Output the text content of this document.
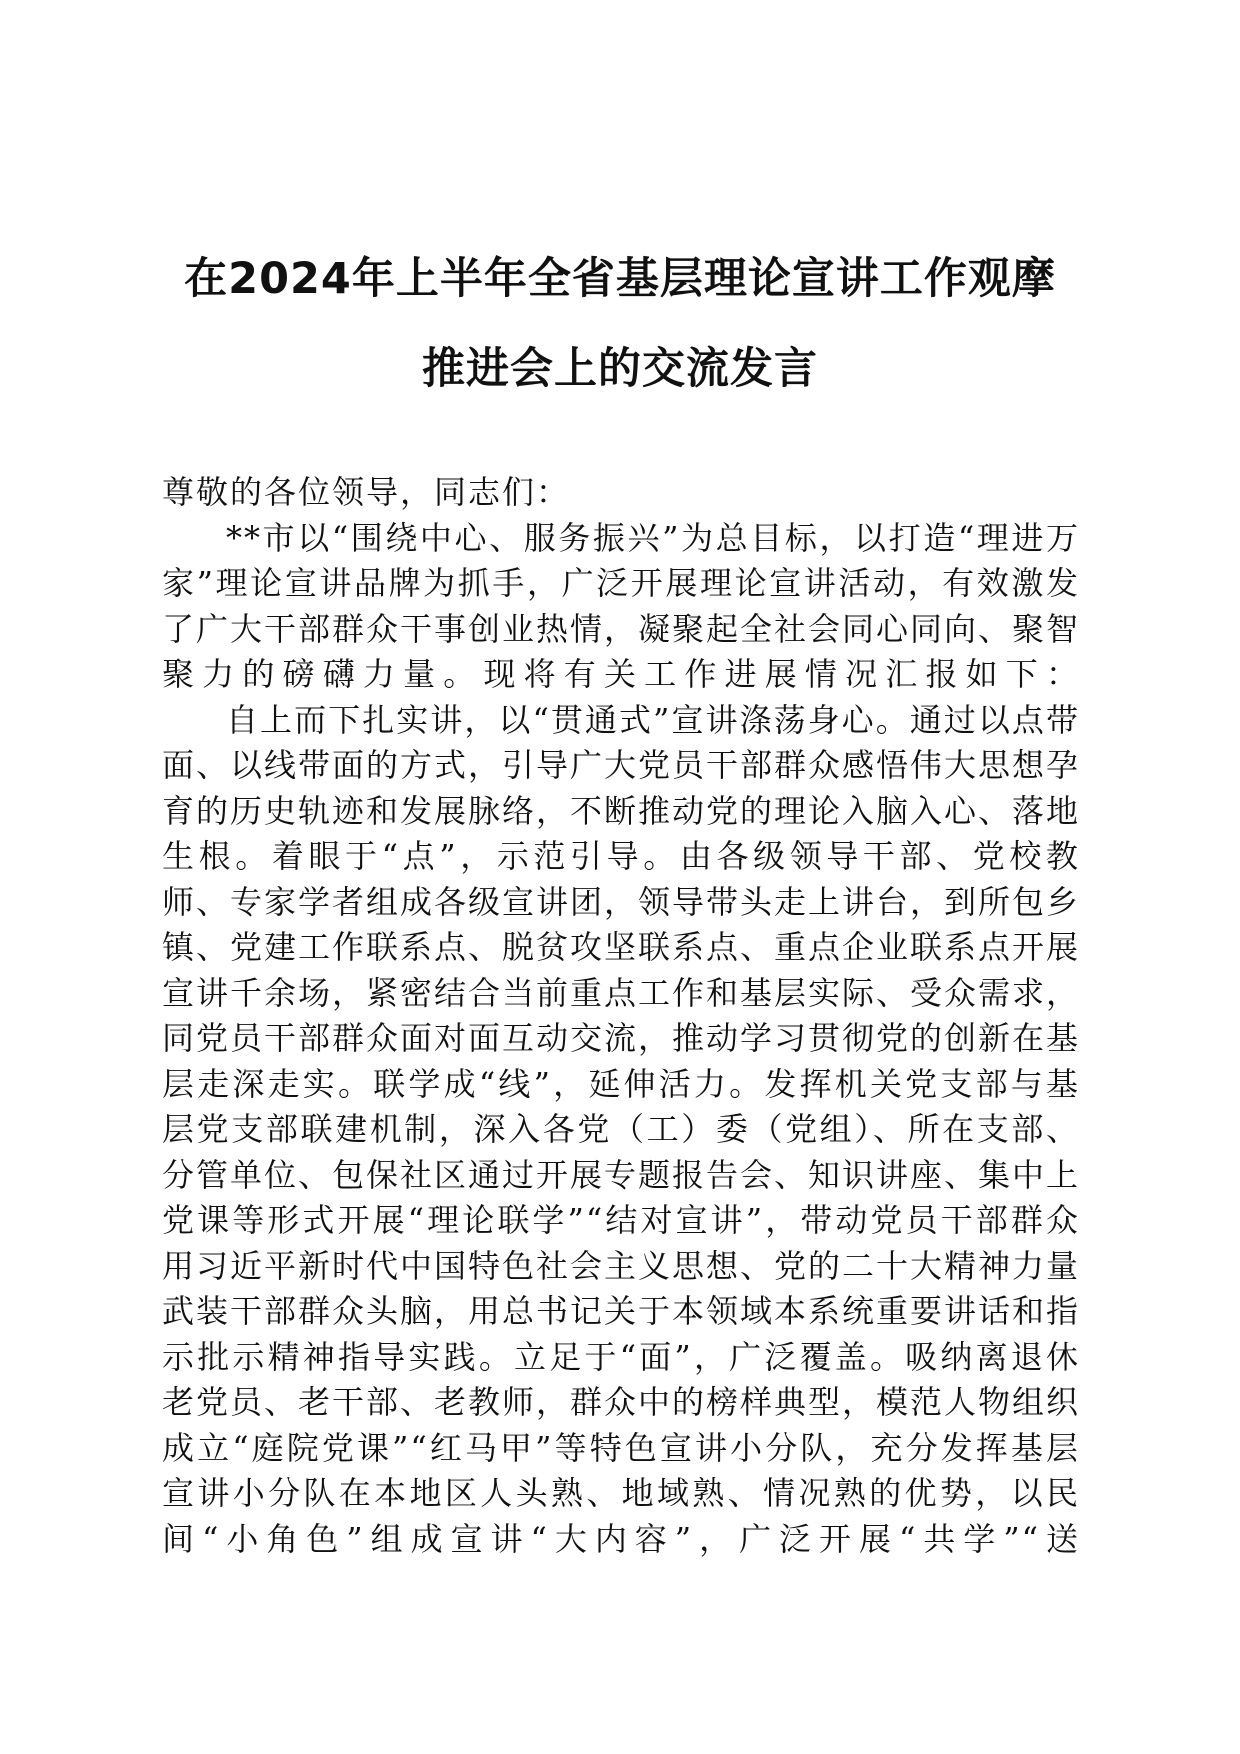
在2024年上半年全省基层理论宣讲工作观摩
推进会上的交流发言

尊敬的各位领导，同志们：

**市以“围绕中心、服务振兴”为总目标，以打造“理进万家”理论宣讲品牌为抓手，广泛开展理论宣讲活动，有效激发了广大干部群众干事创业热情，凝聚起全社会同心同向、聚智聚力的磅礴力量。现将有关工作进展情况汇报如下：

自上而下扎实讲，以“贯通式”宣讲涤荡身心。通过以点带面、以线带面的方式，引导广大党员干部群众感悟伟大思想孕育的历史轨迹和发展脉络，不断推动党的理论入脑入心、落地生根。着眼于“点”，示范引导。由各级领导干部、党校教师、专家学者组成各级宣讲团，领导带头走上讲台，到所包乡镇、党建工作联系点、脱贫攻坚联系点、重点企业联系点开展宣讲千余场，紧密结合当前重点工作和基层实际、受众需求，同党员干部群众面对面互动交流，推动学习贯彻党的创新在基层走深走实。联学成“线”，延伸活力。发挥机关党支部与基层党支部联建机制，深入各党（工）委（党组）、所在支部、分管单位、包保社区通过开展专题报告会、知识讲座、集中上党课等形式开展“理论联学”“结对宣讲”，带动党员干部群众用习近平新时代中国特色社会主义思想、党的二十大精神力量武装干部群众头脑，用总书记关于本领域本系统重要讲话和指示批示精神指导实践。立足于“面”，广泛覆盖。吸纳离退休老党员、老干部、老教师，群众中的榜样典型，模范人物组织成立“庭院党课”“红马甲”等特色宣讲小分队，充分发挥基层宣讲小分队在本地区人头熟、地域熟、情况熟的优势，以民间“小角色”组成宣讲“大内容”，广泛开展“共学”“送
